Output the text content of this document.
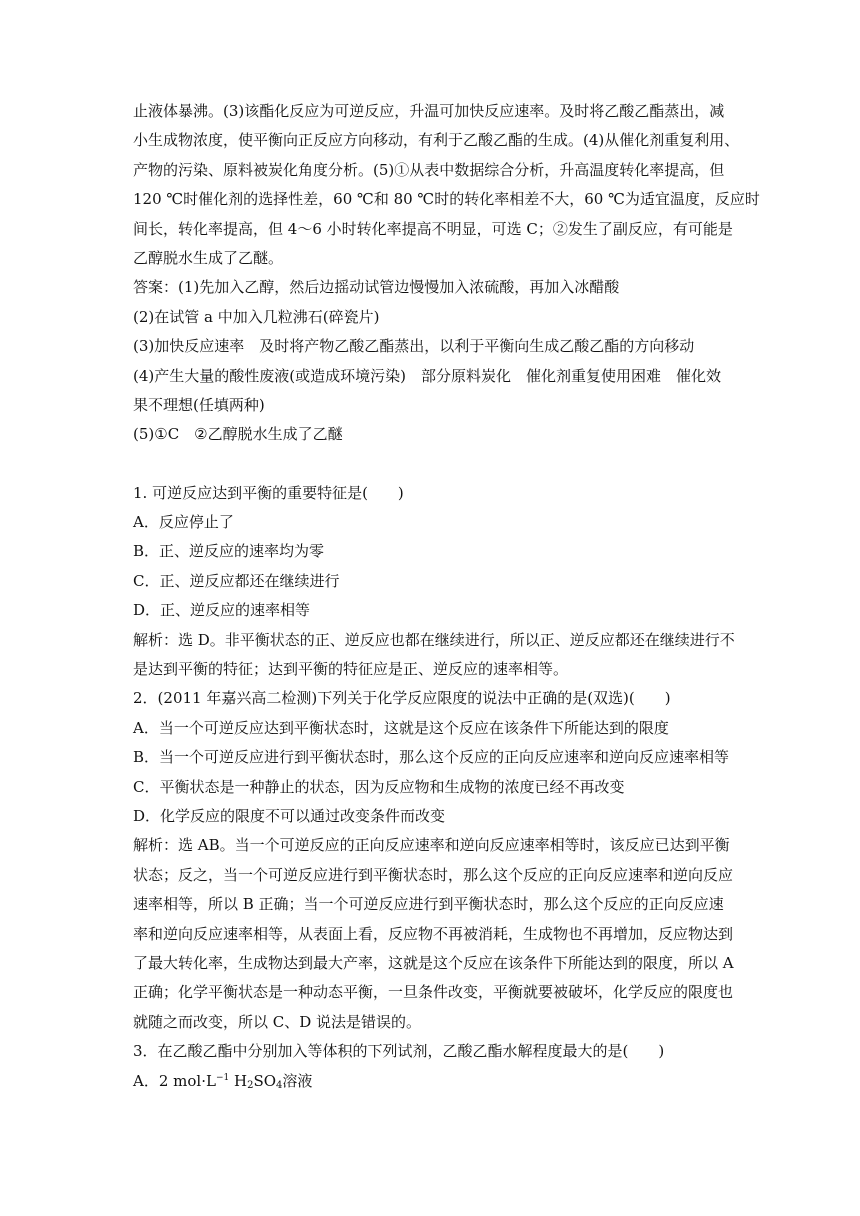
止液体暴沸。(3)该酯化反应为可逆反应，升温可加快反应速率。及时将乙酸乙酯蒸出，减
小生成物浓度，使平衡向正反应方向移动，有利于乙酸乙酯的生成。(4)从催化剂重复利用、
产物的污染、原料被炭化角度分析。(5)①从表中数据综合分析，升高温度转化率提高，但
120 ℃时催化剂的选择性差，60 ℃和 80 ℃时的转化率相差不大，60 ℃为适宜温度，反应时
间长，转化率提高，但 4～6 小时转化率提高不明显，可选 C；②发生了副反应，有可能是
乙醇脱水生成了乙醚。
答案：(1)先加入乙醇，然后边摇动试管边慢慢加入浓硫酸，再加入冰醋酸
(2)在试管 a 中加入几粒沸石(碎瓷片)
(3)加快反应速率　及时将产物乙酸乙酯蒸出，以利于平衡向生成乙酸乙酯的方向移动
(4)产生大量的酸性废液(或造成环境污染)　部分原料炭化　催化剂重复使用困难　催化效
果不理想(任填两种)
(5)①C　②乙醇脱水生成了乙醚
1. 可逆反应达到平衡的重要特征是(　　)
A．反应停止了
B．正、逆反应的速率均为零
C．正、逆反应都还在继续进行
D．正、逆反应的速率相等
解析：选 D。非平衡状态的正、逆反应也都在继续进行，所以正、逆反应都还在继续进行不
是达到平衡的特征；达到平衡的特征应是正、逆反应的速率相等。
2．(2011 年嘉兴高二检测)下列关于化学反应限度的说法中正确的是(双选)(　　)
A．当一个可逆反应达到平衡状态时，这就是这个反应在该条件下所能达到的限度
B．当一个可逆反应进行到平衡状态时，那么这个反应的正向反应速率和逆向反应速率相等
C．平衡状态是一种静止的状态，因为反应物和生成物的浓度已经不再改变
D．化学反应的限度不可以通过改变条件而改变
解析：选 AB。当一个可逆反应的正向反应速率和逆向反应速率相等时，该反应已达到平衡
状态；反之，当一个可逆反应进行到平衡状态时，那么这个反应的正向反应速率和逆向反应
速率相等，所以 B 正确；当一个可逆反应进行到平衡状态时，那么这个反应的正向反应速
率和逆向反应速率相等，从表面上看，反应物不再被消耗，生成物也不再增加，反应物达到
了最大转化率，生成物达到最大产率，这就是这个反应在该条件下所能达到的限度，所以 A
正确；化学平衡状态是一种动态平衡，一旦条件改变，平衡就要被破坏，化学反应的限度也
就随之而改变，所以 C、D 说法是错误的。
3．在乙酸乙酯中分别加入等体积的下列试剂，乙酸乙酯水解程度最大的是(　　)
A．2 $mol\cdot L^{-1}$ $H_2SO_4$溶液
